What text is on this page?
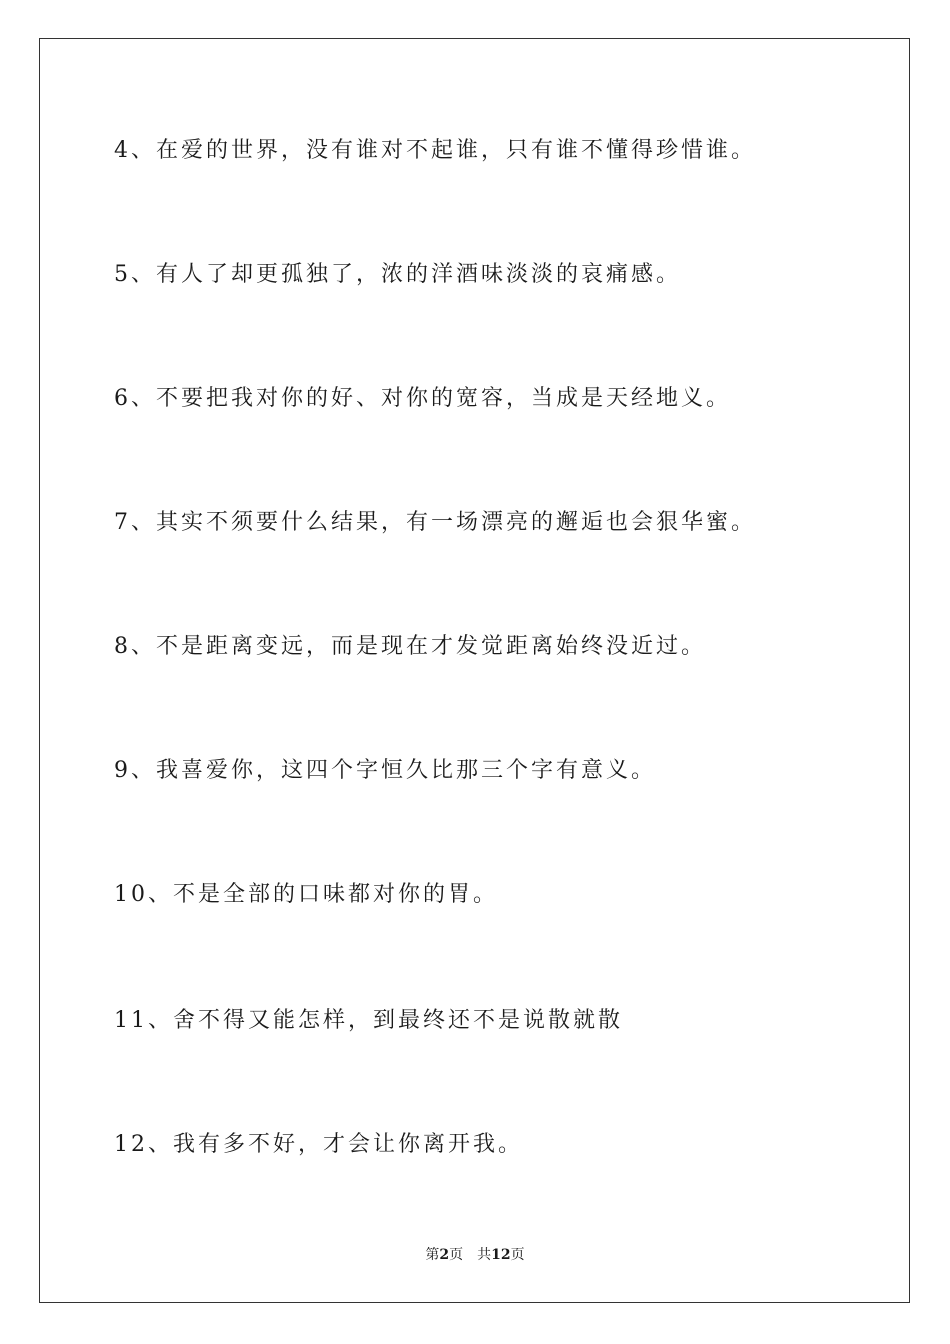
4、在爱的世界，没有谁对不起谁，只有谁不懂得珍惜谁。
5、有人了却更孤独了，浓的洋酒味淡淡的哀痛感。
6、不要把我对你的好、对你的宽容，当成是天经地义。
7、其实不须要什么结果，有一场漂亮的邂逅也会狠华蜜。
8、不是距离变远，而是现在才发觉距离始终没近过。
9、我喜爱你，这四个字恒久比那三个字有意义。
10、不是全部的口味都对你的胃。
11、舍不得又能怎样，到最终还不是说散就散
12、我有多不好，才会让你离开我。
第2页 共12页
